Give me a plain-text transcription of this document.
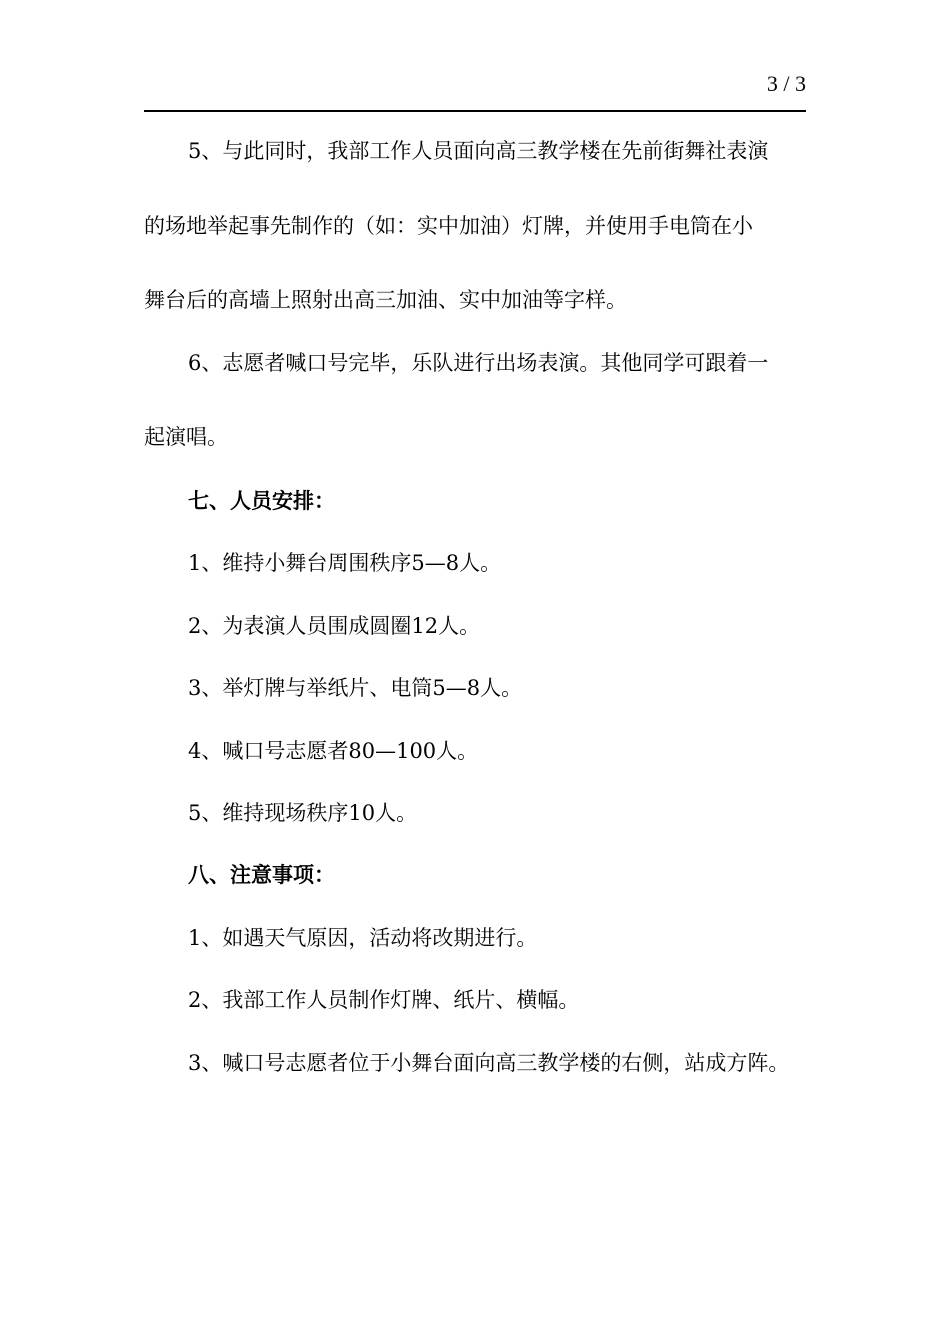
3 / 3
5、与此同时，我部工作人员面向高三教学楼在先前街舞社表演
的场地举起事先制作的（如：实中加油）灯牌，并使用手电筒在小
舞台后的高墙上照射出高三加油、实中加油等字样。
6、志愿者喊口号完毕，乐队进行出场表演。其他同学可跟着一
起演唱。
七、人员安排：
1、维持小舞台周围秩序5—8人。
2、为表演人员围成圆圈12人。
3、举灯牌与举纸片、电筒5—8人。
4、喊口号志愿者80—100人。
5、维持现场秩序10人。
八、注意事项：
1、如遇天气原因，活动将改期进行。
2、我部工作人员制作灯牌、纸片、横幅。
3、喊口号志愿者位于小舞台面向高三教学楼的右侧，站成方阵。
